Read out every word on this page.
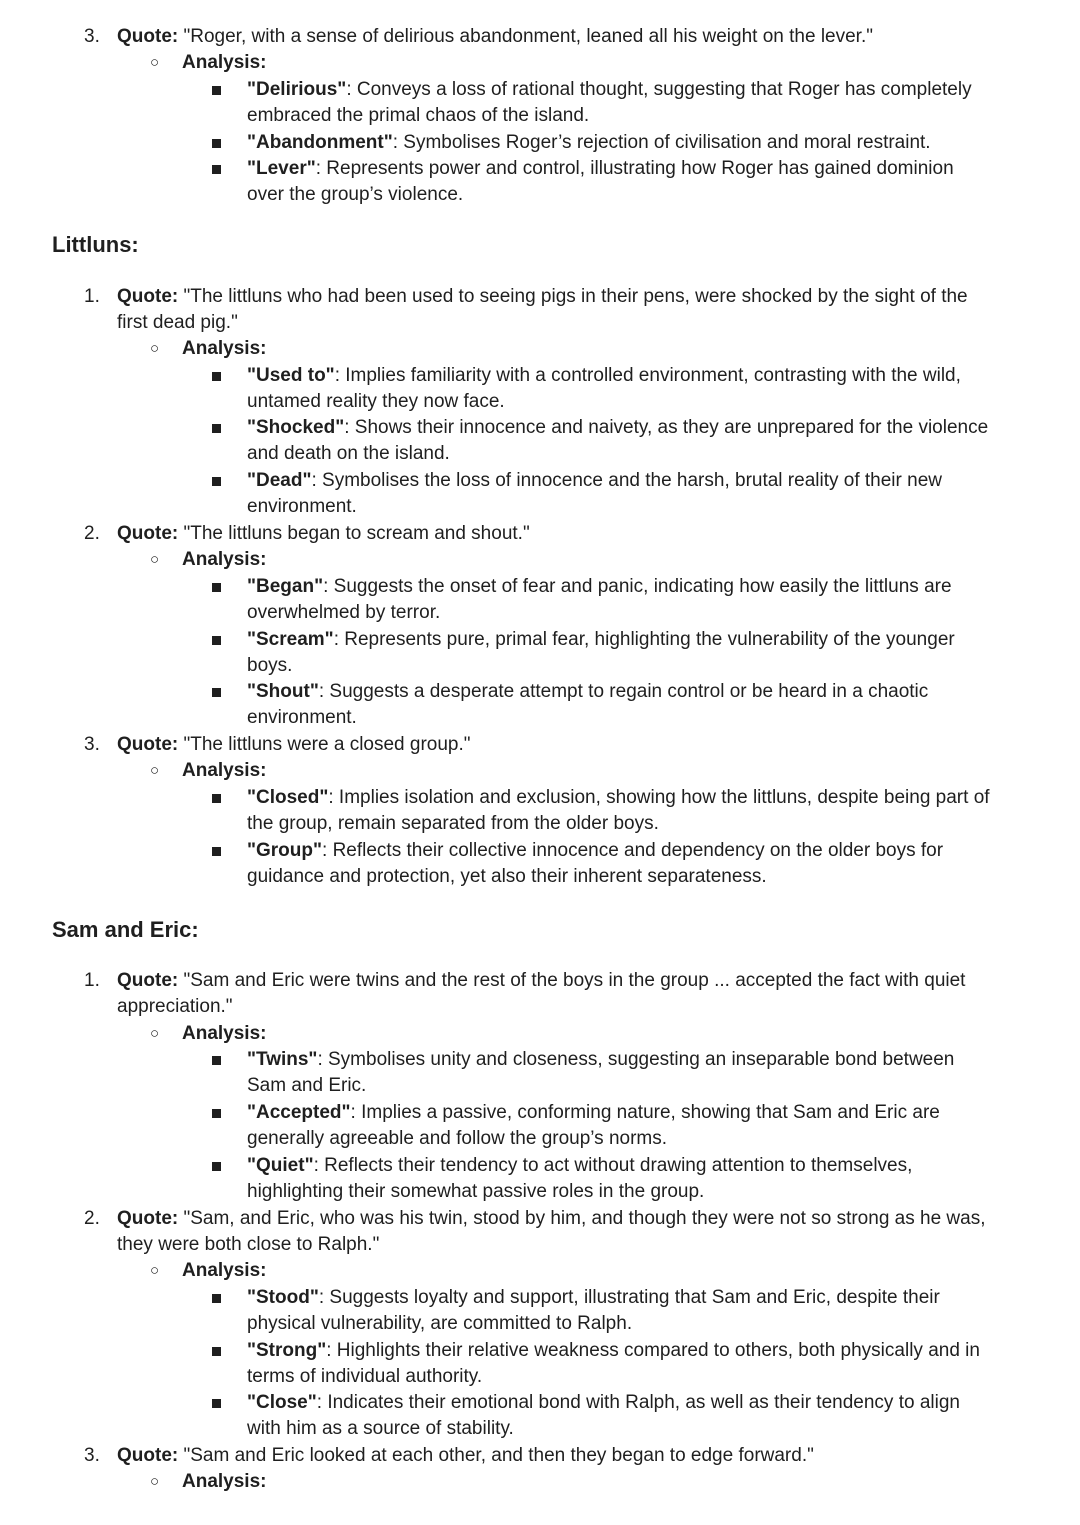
3. Quote: "Roger, with a sense of delirious abandonment, leaned all his weight on the lever."
○ Analysis:
"Delirious": Conveys a loss of rational thought, suggesting that Roger has completely
embraced the primal chaos of the island.
"Abandonment": Symbolises Roger’s rejection of civilisation and moral restraint.
"Lever": Represents power and control, illustrating how Roger has gained dominion
over the group’s violence.
Littluns:
1. Quote: "The littluns who had been used to seeing pigs in their pens, were shocked by the sight of the
first dead pig."
○ Analysis:
"Used to": Implies familiarity with a controlled environment, contrasting with the wild,
untamed reality they now face.
"Shocked": Shows their innocence and naivety, as they are unprepared for the violence
and death on the island.
"Dead": Symbolises the loss of innocence and the harsh, brutal reality of their new
environment.
2. Quote: "The littluns began to scream and shout."
○ Analysis:
"Began": Suggests the onset of fear and panic, indicating how easily the littluns are
overwhelmed by terror.
"Scream": Represents pure, primal fear, highlighting the vulnerability of the younger
boys.
"Shout": Suggests a desperate attempt to regain control or be heard in a chaotic
environment.
3. Quote: "The littluns were a closed group."
○ Analysis:
"Closed": Implies isolation and exclusion, showing how the littluns, despite being part of
the group, remain separated from the older boys.
"Group": Reflects their collective innocence and dependency on the older boys for
guidance and protection, yet also their inherent separateness.
Sam and Eric:
1. Quote: "Sam and Eric were twins and the rest of the boys in the group ... accepted the fact with quiet
appreciation."
○ Analysis:
"Twins": Symbolises unity and closeness, suggesting an inseparable bond between
Sam and Eric.
"Accepted": Implies a passive, conforming nature, showing that Sam and Eric are
generally agreeable and follow the group’s norms.
"Quiet": Reflects their tendency to act without drawing attention to themselves,
highlighting their somewhat passive roles in the group.
2. Quote: "Sam, and Eric, who was his twin, stood by him, and though they were not so strong as he was,
they were both close to Ralph."
○ Analysis:
"Stood": Suggests loyalty and support, illustrating that Sam and Eric, despite their
physical vulnerability, are committed to Ralph.
"Strong": Highlights their relative weakness compared to others, both physically and in
terms of individual authority.
"Close": Indicates their emotional bond with Ralph, as well as their tendency to align
with him as a source of stability.
3. Quote: "Sam and Eric looked at each other, and then they began to edge forward."
○ Analysis:
